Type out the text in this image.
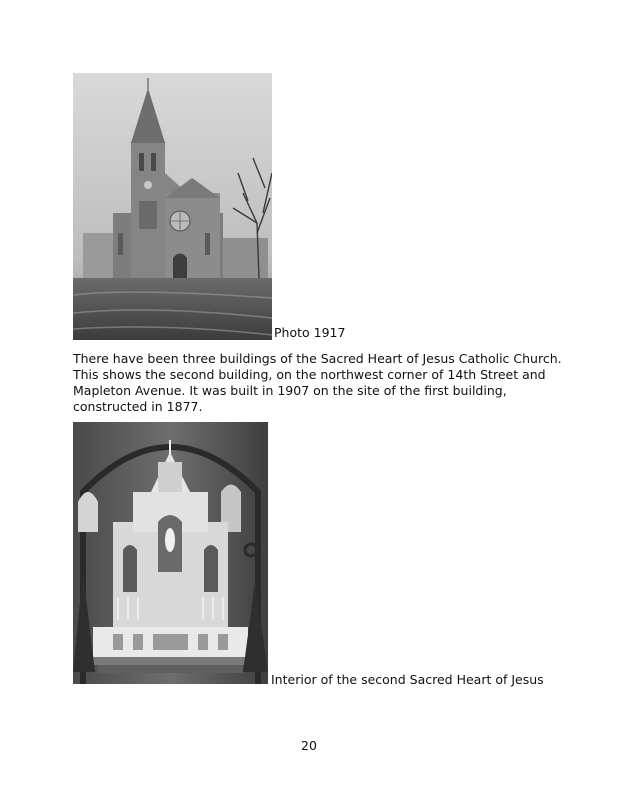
Photo 1917

There have been three buildings of the Sacred Heart of Jesus Catholic Church.
This shows the second building, on the northwest corner of 14th Street and
Mapleton Avenue. It was built in 1907 on the site of the first building,
constructed in 1877.

Interior of the second Sacred Heart of Jesus
20
